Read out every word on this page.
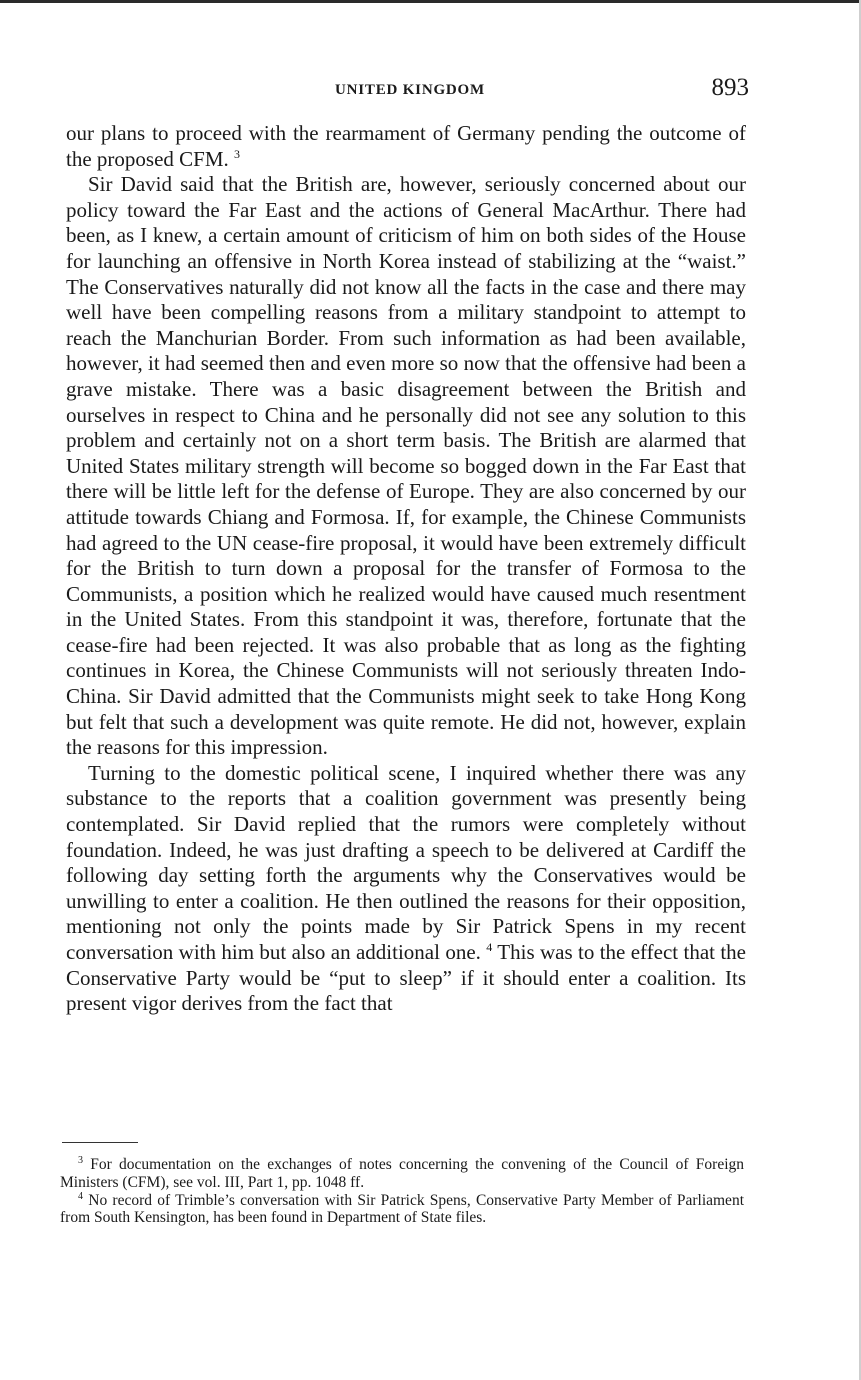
UNITED KINGDOM	893

our plans to proceed with the rearmament of Germany pending the outcome of the proposed CFM. $^3$

Sir David said that the British are, however, seriously concerned about our policy toward the Far East and the actions of General MacArthur. There had been, as I knew, a certain amount of criticism of him on both sides of the House for launching an offensive in North Korea instead of stabilizing at the “waist.” The Conservatives naturally did not know all the facts in the case and there may well have been compelling reasons from a military standpoint to attempt to reach the Manchurian Border. From such information as had been available, however, it had seemed then and even more so now that the offensive had been a grave mistake. There was a basic disagreement between the British and ourselves in respect to China and he personally did not see any solution to this problem and certainly not on a short term basis. The British are alarmed that United States military strength will become so bogged down in the Far East that there will be little left for the defense of Europe. They are also concerned by our attitude towards Chiang and Formosa. If, for example, the Chinese Communists had agreed to the UN cease-fire proposal, it would have been extremely difficult for the British to turn down a proposal for the transfer of Formosa to the Communists, a position which he realized would have caused much resentment in the United States. From this standpoint it was, therefore, fortunate that the cease-fire had been rejected. It was also probable that as long as the fighting continues in Korea, the Chinese Communists will not seriously threaten Indo-China. Sir David admitted that the Communists might seek to take Hong Kong but felt that such a development was quite remote. He did not, however, explain the reasons for this impression.

Turning to the domestic political scene, I inquired whether there was any substance to the reports that a coalition government was presently being contemplated. Sir David replied that the rumors were completely without foundation. Indeed, he was just drafting a speech to be delivered at Cardiff the following day setting forth the arguments why the Conservatives would be unwilling to enter a coalition. He then outlined the reasons for their opposition, mentioning not only the points made by Sir Patrick Spens in my recent conversation with him but also an additional one. $^4$ This was to the effect that the Conservative Party would be “put to sleep” if it should enter a coalition. Its present vigor derives from the fact that

$^3$ For documentation on the exchanges of notes concerning the convening of the Council of Foreign Ministers (CFM), see vol. III, Part 1, pp. 1048 ff.

$^4$ No record of Trimble’s conversation with Sir Patrick Spens, Conservative Party Member of Parliament from South Kensington, has been found in Department of State files.
